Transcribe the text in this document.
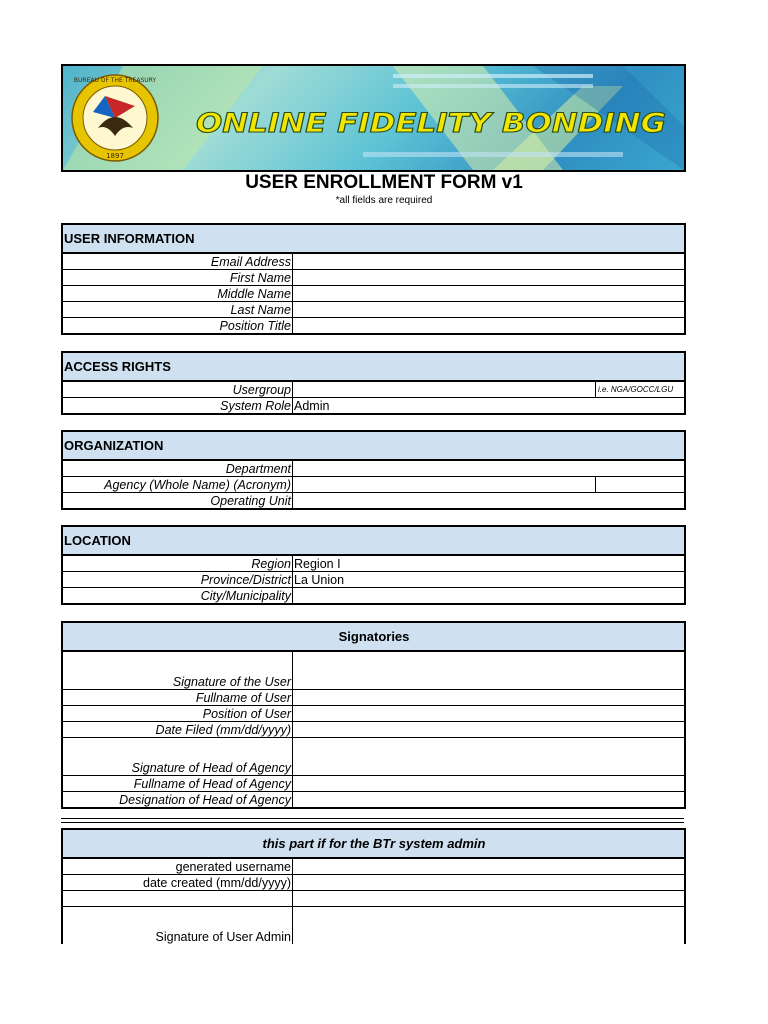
BUREAU OF THE TREASURY
1897
ONLINE FIDELITY BONDING
USER ENROLLMENT FORM v1
*all fields are required
USER INFORMATION
Email Address
First Name
Middle Name
Last Name
Position Title
ACCESS RIGHTS
Usergroup	i.e. NGA/GOCC/LGU
System Role Admin
ORGANIZATION
Department
Agency (Whole Name) (Acronym)
Operating Unit
LOCATION
Region Region I
Province/District La Union
City/Municipality
Signatories
Signature of the User
Fullname of User
Position of User
Date Filed (mm/dd/yyyy)
Signature of Head of Agency
Fullname of Head of Agency
Designation of Head of Agency
this part if for the BTr system admin
generated username
date created (mm/dd/yyyy)
Signature of User Admin
